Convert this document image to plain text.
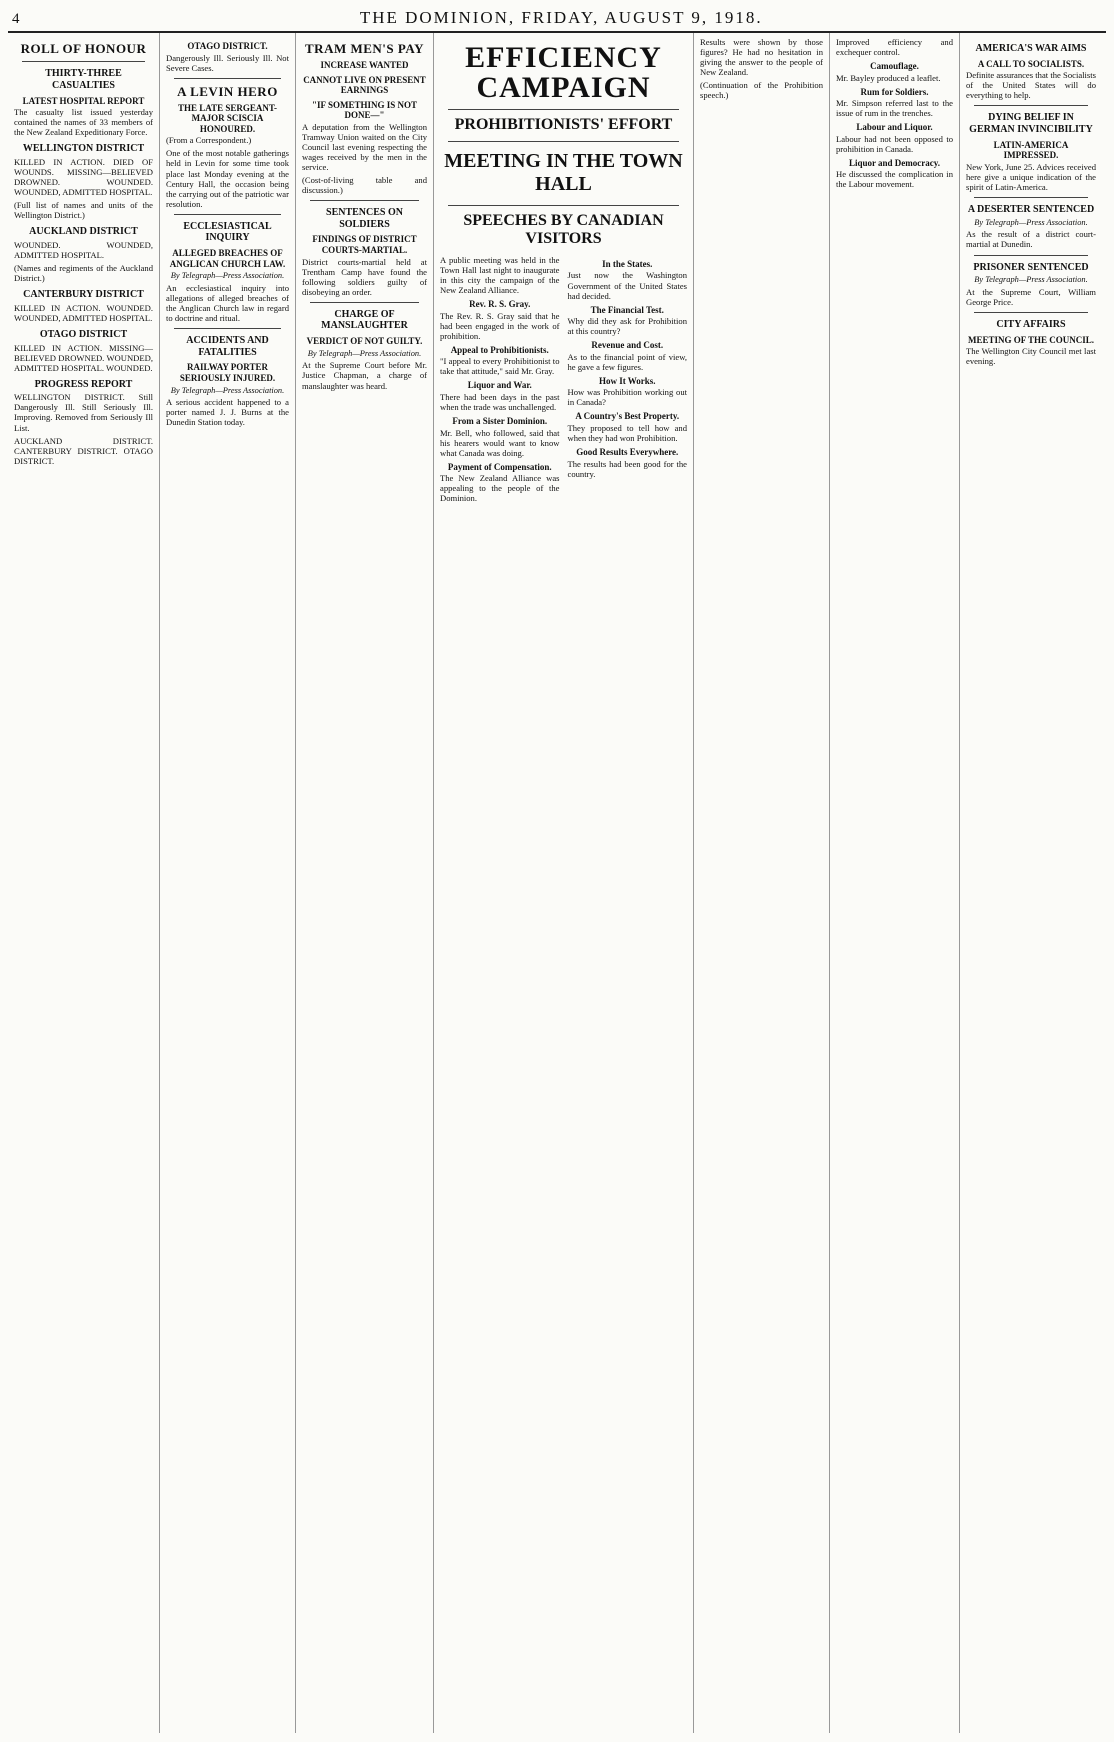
4	THE DOMINION, FRIDAY, AUGUST 9, 1918.
ROLL OF HONOUR
THIRTY-THREE CASUALTIES
LATEST HOSPITAL REPORT

The casualty list issued yesterday contained the names of 33 members of the New Zealand Expeditionary Force.

WELLINGTON DISTRICT

KILLED IN ACTION. DIED OF WOUNDS. MISSING—BELIEVED DROWNED. WOUNDED. WOUNDED, ADMITTED HOSPITAL.

(Full list of names and units of the Wellington District.)

AUCKLAND DISTRICT

WOUNDED. WOUNDED, ADMITTED HOSPITAL.

(Names and regiments of the Auckland District.)

CANTERBURY DISTRICT

KILLED IN ACTION. WOUNDED. WOUNDED, ADMITTED HOSPITAL.

OTAGO DISTRICT

KILLED IN ACTION. MISSING—BELIEVED DROWNED. WOUNDED, ADMITTED HOSPITAL. WOUNDED.

PROGRESS REPORT

WELLINGTON DISTRICT. Still Dangerously Ill. Still Seriously Ill. Improving. Removed from Seriously Ill List.

AUCKLAND DISTRICT. CANTERBURY DISTRICT. OTAGO DISTRICT.

OTAGO DISTRICT.

Dangerously Ill. Seriously Ill. Not Severe Cases.

A LEVIN HERO
THE LATE SERGEANT-MAJOR SCISCIA HONOURED.

(From a Correspondent.)

One of the most notable gatherings held in Levin for some time took place last Monday evening at the Century Hall, the occasion being the carrying out of the patriotic war resolution.

ECCLESIASTICAL INQUIRY
ALLEGED BREACHES OF ANGLICAN CHURCH LAW.

By Telegraph—Press Association.

An ecclesiastical inquiry into allegations of alleged breaches of the Anglican Church law in regard to doctrine and ritual.

ACCIDENTS AND FATALITIES
RAILWAY PORTER SERIOUSLY INJURED.

By Telegraph—Press Association.

A serious accident happened to a porter named J. J. Burns at the Dunedin Station today.

TRAM MEN'S PAY
INCREASE WANTED
CANNOT LIVE ON PRESENT EARNINGS
"IF SOMETHING IS NOT DONE—"

A deputation from the Wellington Tramway Union waited on the City Council last evening respecting the wages received by the men in the service.

(Cost-of-living table and discussion.)

SENTENCES ON SOLDIERS
FINDINGS OF DISTRICT COURTS-MARTIAL.

District courts-martial held at Trentham Camp have found the following soldiers guilty of disobeying an order.

CHARGE OF MANSLAUGHTER
VERDICT OF NOT GUILTY.

By Telegraph—Press Association.

At the Supreme Court before Mr. Justice Chapman, a charge of manslaughter was heard.

EFFICIENCY CAMPAIGN
PROHIBITIONISTS' EFFORT
MEETING IN THE TOWN HALL
SPEECHES BY CANADIAN VISITORS

A public meeting was held in the Town Hall last night to inaugurate in this city the campaign of the New Zealand Alliance.

Rev. R. S. Gray.

The Rev. R. S. Gray said that he had been engaged in the work of prohibition.

Appeal to Prohibitionists.

"I appeal to every Prohibitionist to take that attitude," said Mr. Gray.

Liquor and War.

There had been days in the past when the trade was unchallenged.

From a Sister Dominion.

Mr. Bell, who followed, said that his hearers would want to know what Canada was doing.

Payment of Compensation.

The New Zealand Alliance was appealing to the people of the Dominion.

In the States.

Just now the Washington Government of the United States had decided.

The Financial Test.

Why did they ask for Prohibition at this country?

Revenue and Cost.

As to the financial point of view, he gave a few figures.

How It Works.

How was Prohibition working out in Canada?

A Country's Best Property.

They proposed to tell how and when they had won Prohibition.

Good Results Everywhere.

The results had been good for the country.

Results were shown by those figures? He had no hesitation in giving the answer to the people of New Zealand.

(Continuation of the Prohibition speech.)

Improved efficiency and exchequer control.

Camouflage.

Mr. Bayley produced a leaflet.

Rum for Soldiers.

Mr. Simpson referred last to the issue of rum in the trenches.

Labour and Liquor.

Labour had not been opposed to prohibition in Canada.

Liquor and Democracy.

He discussed the complication in the Labour movement.

AMERICA'S WAR AIMS
A CALL TO SOCIALISTS.

Definite assurances that the Socialists of the United States will do everything to help.

DYING BELIEF IN GERMAN INVINCIBILITY
LATIN-AMERICA IMPRESSED.

New York, June 25. Advices received here give a unique indication of the spirit of Latin-America.

A DESERTER SENTENCED

By Telegraph—Press Association.

As the result of a district court-martial at Dunedin.

PRISONER SENTENCED

By Telegraph—Press Association.

At the Supreme Court, William George Price.

CITY AFFAIRS
MEETING OF THE COUNCIL.

The Wellington City Council met last evening.
